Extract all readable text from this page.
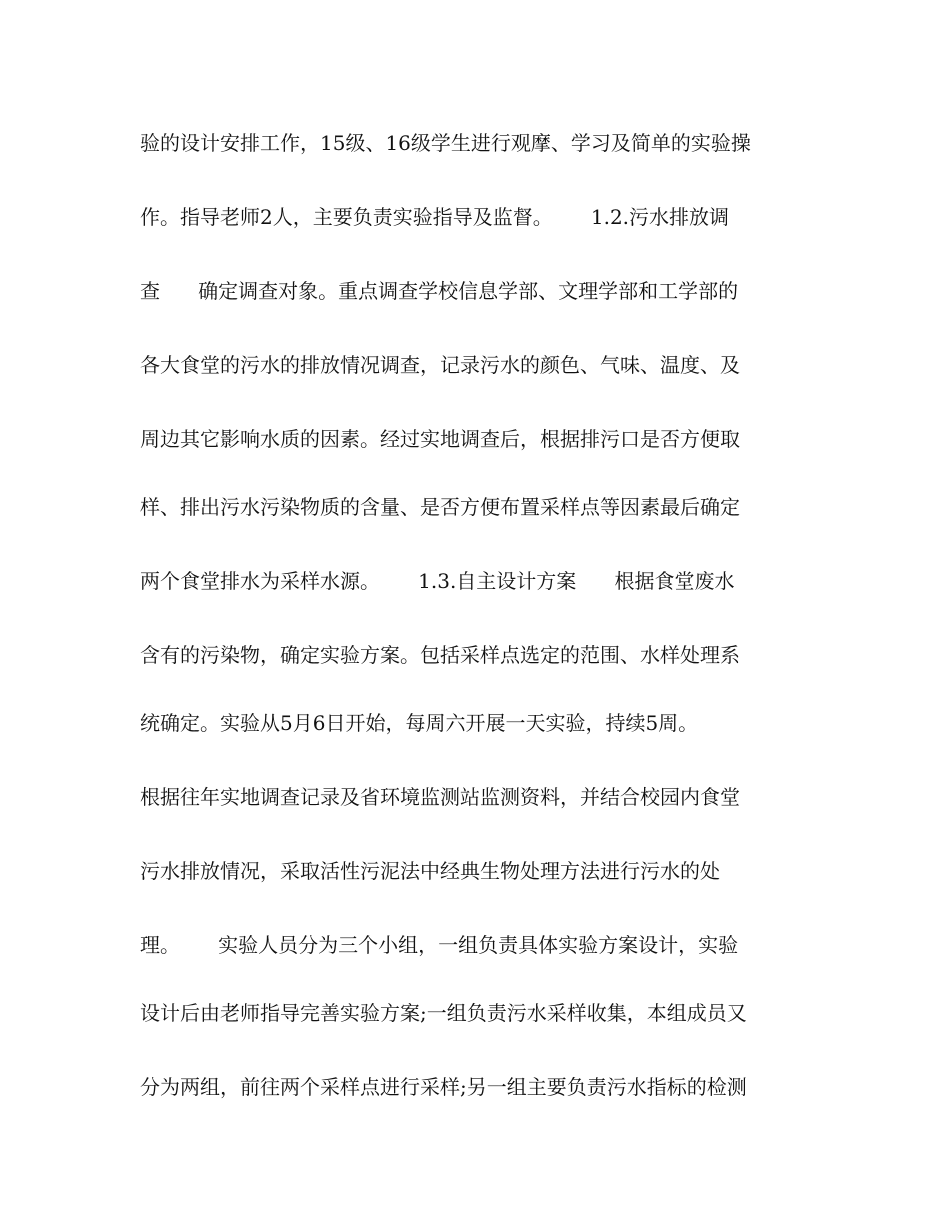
验的设计安排工作，15级、16级学生进行观摩、学习及简单的实验操
作。指导老师2人，主要负责实验指导及监督。      1.2.污水排放调
查      确定调查对象。重点调查学校信息学部、文理学部和工学部的
各大食堂的污水的排放情况调查，记录污水的颜色、气味、温度、及
周边其它影响水质的因素。经过实地调查后，根据排污口是否方便取
样、排出污水污染物质的含量、是否方便布置采样点等因素最后确定
两个食堂排水为采样水源。      1.3.自主设计方案      根据食堂废水
含有的污染物，确定实验方案。包括采样点选定的范围、水样处理系
统确定。实验从5月6日开始，每周六开展一天实验，持续5周。
根据往年实地调查记录及省环境监测站监测资料，并结合校园内食堂
污水排放情况，采取活性污泥法中经典生物处理方法进行污水的处
理。      实验人员分为三个小组，一组负责具体实验方案设计，实验
设计后由老师指导完善实验方案;一组负责污水采样收集，本组成员又
分为两组，前往两个采样点进行采样;另一组主要负责污水指标的检测
